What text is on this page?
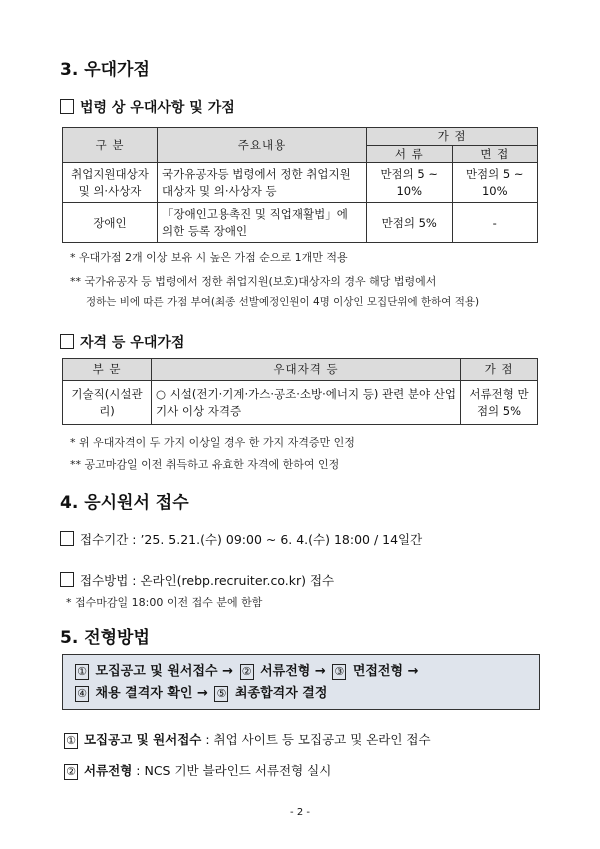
3. 우대가점
법령 상 우대사항 및 가점
구 분	주요내용	가 점	
		서 류	면 접
취업지원대상자 및 의·사상자	국가유공자등 법령에서 정한 취업지원 대상자 및 의·사상자 등	만점의 5 ~ 10%	만점의 5 ~ 10%
장애인	「장애인고용촉진 및 직업재활법」에 의한 등록 장애인	만점의 5%	-
* 우대가점 2개 이상 보유 시 높은 가점 순으로 1개만 적용
** 국가유공자 등 법령에서 정한 취업지원(보호)대상자의 경우 해당 법령에서
정하는 비에 따른 가점 부여(최종 선발예정인원이 4명 이상인 모집단위에 한하여 적용)
자격 등 우대가점
부 문	우대자격 등	가 점
기술직(시설관리)	○ 시설(전기·기계·가스·공조·소방·에너지 등) 관련 분야 산업기사 이상 자격증	서류전형 만점의 5%
* 위 우대자격이 두 가지 이상일 경우 한 가지 자격증만 인정
** 공고마감일 이전 취득하고 유효한 자격에 한하여 인정
4. 응시원서 접수
접수기간 : ’25. 5.21.(수) 09:00 ~ 6. 4.(수) 18:00 / 14일간
접수방법 : 온라인(rebp.recruiter.co.kr) 접수
* 접수마감일 18:00 이전 접수 분에 한함
5. 전형방법
① 모집공고 및 원서접수 → ② 서류전형 → ③ 면접전형 →
④ 채용 결격자 확인 → ⑤ 최종합격자 결정
① 모집공고 및 원서접수 : 취업 사이트 등 모집공고 및 온라인 접수
② 서류전형 : NCS 기반 블라인드 서류전형 실시
- 2 -
